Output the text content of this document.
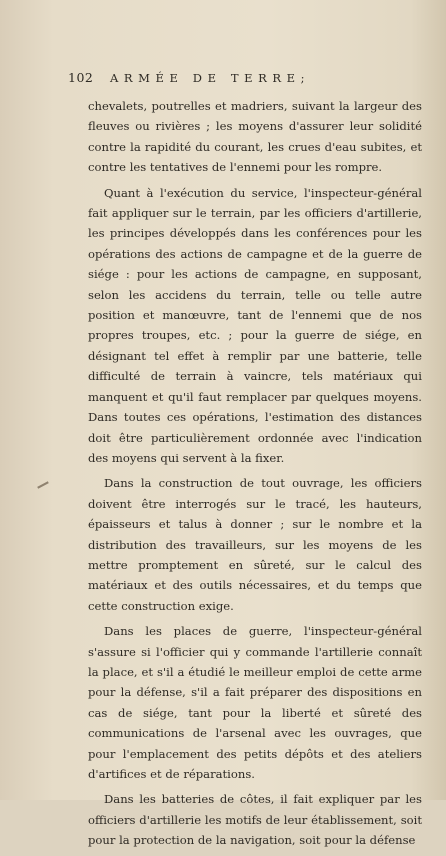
102	ARMÉE DE TERRE;

chevalets, poutrelles et madriers, suivant la largeur des fleuves ou rivières ; les moyens d'assurer leur solidité contre la rapidité du courant, les crues d'eau subites, et contre les tentatives de l'ennemi pour les rompre.

Quant à l'exécution du service, l'inspecteur-général fait appliquer sur le terrain, par les officiers d'artillerie, les principes développés dans les conférences pour les opérations des actions de campagne et de la guerre de siége : pour les actions de campagne, en supposant, selon les accidens du terrain, telle ou telle autre position et manœuvre, tant de l'ennemi que de nos propres troupes, etc. ; pour la guerre de siége, en désignant tel effet à remplir par une batterie, telle difficulté de terrain à vaincre, tels matériaux qui manquent et qu'il faut remplacer par quelques moyens. Dans toutes ces opérations, l'estimation des distances doit être particulièrement ordonnée avec l'indication des moyens qui servent à la fixer.

Dans la construction de tout ouvrage, les officiers doivent être interrogés sur le tracé, les hauteurs, épaisseurs et talus à donner ; sur le nombre et la distribution des travailleurs, sur les moyens de les mettre promptement en sûreté, sur le calcul des matériaux et des outils nécessaires, et du temps que cette construction exige.

Dans les places de guerre, l'inspecteur-général s'assure si l'officier qui y commande l'artillerie connaît la place, et s'il a étudié le meilleur emploi de cette arme pour la défense, s'il a fait préparer des dispositions en cas de siége, tant pour la liberté et sûreté des communications de l'arsenal avec les ouvrages, que pour l'emplacement des petits dépôts et des ateliers d'artifices et de réparations.

Dans les batteries de côtes, il fait expliquer par les officiers d'artillerie les motifs de leur établissement, soit pour la protection de la navigation, soit pour la défense
